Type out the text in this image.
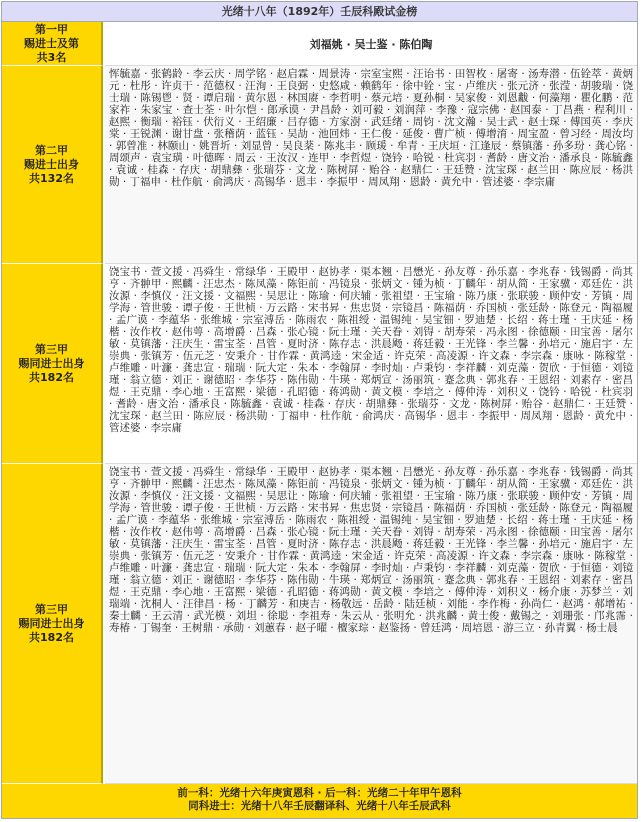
光绪十八年（1892年）壬辰科殿试金榜
第一甲
赐进士及第
共3名
刘福姚 · 吴士鉴 · 陈伯陶
第二甲
赐进士出身
共132名
恽毓嘉 · 张鹤龄 · 李云庆 · 周学铭 · 赵启霖 · 周景涛 · 宗室宝熙 · 汪诒书 · 田智枚 · 屠寄 · 汤寿潜 · 伍铨萃 · 黄炳元 · 杜彤 · 许贞干 · 范德权 · 汪洵 · 王良弼 · 史悠咸 · 赖鹤年 · 徐中铨 · 宝 · 卢维庆 · 张元济 · 张滢 · 胡骏瑞 · 饶士瑞 · 陈锡鬯 · 贤 · 谭启瑞 · 黄尔恩 · 林国赓 · 李哲明 · 蔡元培 · 夏孙桐 · 吴家俊 · 刘恩黻 · 何藻翔 · 瞿化鹏 · 范家祚 · 朱家宝 · 查士荃 · 叶尔恺 · 郎承谟 · 尹昌龄 · 刘可毅 · 刘润萍 · 李豫 · 寇宗佛 · 赵国泰 · 丁昌燕 · 程利川 · 赵熙 · 衡瑞 · 裕钰 · 伏衍义 · 王绍廉 · 吕存德 · 方家澍 · 武廷绪 · 周钧 · 沈文瀚 · 吴士武 · 赵士琛 · 傅国英 · 李庆棠 · 王锐渊 · 谢甘盘 · 张稽荫 · 蓝钰 · 吴劼 · 池回炜 · 王仁俊 · 延俊 · 曹广桢 · 傅增淯 · 周宝盈 · 曾习经 · 周汝均 · 郭曾准 · 林颐山 · 姚晋圻 · 刘显曾 · 吴良棻 · 陈兆丰 · 顾瑗 · 牟青 · 王庆垣 · 江逢辰 · 蔡镇藩 · 孙多玢 · 龚心铭 · 周颂声 · 袁宝璜 · 叶德晖 · 周云 · 王汝汉 · 连甲 · 李哲煜 · 饶钤 · 哈锐 · 杜宾羽 · 耆龄 · 唐文治 · 潘承良 · 陈毓鑫 · 袁诚 · 桂森 · 存庆 · 胡鼎彝 · 张瑞芬 · 文龙 · 陈树屏 · 贻谷 · 赵鼎仁 · 王廷赞 · 沈宝琛 · 赵兰田 · 陈应辰 · 杨洪勋 · 丁福申 · 杜作航 · 俞鸿庆 · 高锡华 · 恩丰 · 李振甲 · 周凤翔 · 恩龄 · 黄允中 · 管述婆 · 李宗庸
第三甲
赐同进士出身
共182名
饶宝书 · 萱文援 · 冯舜生 · 常绿华 · 王殿甲 · 赵协孝 · 渠本翘 · 吕懋光 · 孙友尊 · 孙乐嘉 · 李兆春 · 钱锡爵 · 尚其亨 · 齐翀甲 · 熙麟 · 汪忠杰 · 陈凤藻 · 陈钜前 · 冯镜泉 · 张炳文 · 锺为桢 · 丁麟年 · 胡从简 · 王家骥 · 邓廷佐 · 洪汝源 · 李慎仪 · 汪文援 · 文福熙 · 吴思让 · 陈瑜 · 何庆辅 · 张祖望 · 王宝瑜 · 陈乃康 · 张联骏 · 顾仲安 · 芳镇 · 周学海 · 管世骏 · 谭子俊 · 王世桢 · 万云路 · 宋书昇 · 焦忠贤 · 宗镜昌 · 陈福荫 · 乔国桢 · 张廷龄 · 陈登元 · 陶福履 · 孟广谟 · 李蕴华 · 张维城 · 宗室溥岳 · 陈雨农 · 陈祖绶 · 温锡纯 · 吴宝钿 · 罗迪楚 · 长绍 · 蒋士瑾 · 王庆延 · 杨楷 · 汝作枚 · 赵伟萼 · 高增爵 · 吕森 · 张心镜 · 阮士瑾 · 关天眷 · 刘锝 · 胡寿荣 · 冯永图 · 徐德颐 · 田宝善 · 屠尔敏 · 莫镇藩 · 汪庆生 · 雷宝荃 · 昌管 · 夏时济 · 陈存志 · 洪晨飏 · 蒋廷毅 · 王光锋 · 李兰馨 · 孙培元 · 施启宇 · 左崇典 · 张镇芳 · 伍元芝 · 安秉介 · 甘作霖 · 黄鸿逵 · 宋金适 · 许克荣 · 高凌源 · 许文森 · 李宗森 · 康咏 · 陈稼堂 · 卢维雕 · 叶濂 · 龚忠宣 · 瑞瑞 · 阮大定 · 朱本 · 李翰屏 · 李时灿 · 卢秉钧 · 李祥麟 · 刘克藻 · 贺欣 · 于恒德 · 刘镜瑾 · 翁立德 · 刘正 · 谢德昭 · 李华芬 · 陈伟勋 · 牛瑛 · 郑炳宣 · 汤丽筑 · 蹇念典 · 郭兆春 · 王恩绍 · 刘素存 · 密昌煜 · 王克鼎 · 李心地 · 王富熙 · 梁德 · 孔昭德 · 蒋鸿勋 · 黄文模 · 李培之 · 傅仲涛 · 刘积义 · 饶钤 · 哈锐 · 杜宾羽 · 耆龄 · 唐文治 · 潘承良 · 陈毓鑫 · 袁诚 · 桂森 · 存庆 · 胡鼎彝 · 张瑞芬 · 文龙 · 陈树屏 · 贻谷 · 赵鼎仁 · 王廷赞 · 沈宝琛 · 赵兰田 · 陈应辰 · 杨洪勋 · 丁福申 · 杜作航 · 俞鸿庆 · 高锡华 · 恩丰 · 李振甲 · 周凤翔 · 恩龄 · 黄允中 · 管述婆 · 李宗庸
第三甲
赐同进士出身
共182名
饶宝书 · 萱文援 · 冯舜生 · 常绿华 · 王殿甲 · 赵协孝 · 渠本翘 · 吕懋光 · 孙友尊 · 孙乐嘉 · 李兆春 · 钱锡爵 · 尚其亨 · 齐翀甲 · 熙麟 · 汪忠杰 · 陈凤藻 · 陈钜前 · 冯镜泉 · 张炳文 · 锺为桢 · 丁麟年 · 胡从简 · 王家骥 · 邓廷佐 · 洪汝源 · 李慎仪 · 汪文援 · 文福熙 · 吴思让 · 陈瑜 · 何庆辅 · 张祖望 · 王宝瑜 · 陈乃康 · 张联骏 · 顾仲安 · 芳镇 · 周学海 · 管世骏 · 谭子俊 · 王世桢 · 万云路 · 宋书昇 · 焦忠贤 · 宗镜昌 · 陈福荫 · 乔国桢 · 张廷龄 · 陈登元 · 陶福履 · 孟广谟 · 李蕴华 · 张维城 · 宗室溥岳 · 陈雨农 · 陈祖绶 · 温锡纯 · 吴宝钿 · 罗迪楚 · 长绍 · 蒋士瑾 · 王庆延 · 杨楷 · 汝作枚 · 赵伟萼 · 高增爵 · 吕森 · 张心镜 · 阮士瑾 · 关天眷 · 刘锝 · 胡寿荣 · 冯永图 · 徐德颐 · 田宝善 · 屠尔敏 · 莫镇藩 · 汪庆生 · 雷宝荃 · 昌管 · 夏时济 · 陈存志 · 洪晨飏 · 蒋廷毅 · 王光锋 · 李兰馨 · 孙培元 · 施启宇 · 左崇典 · 张镇芳 · 伍元芝 · 安秉介 · 甘作霖 · 黄鸿逵 · 宋金适 · 许克荣 · 高凌源 · 许文森 · 李宗森 · 康咏 · 陈稼堂 · 卢维雕 · 叶濂 · 龚忠宣 · 瑞瑞 · 阮大定 · 朱本 · 李翰屏 · 李时灿 · 卢秉钧 · 李祥麟 · 刘克藻 · 贺欣 · 于恒德 · 刘镜瑾 · 翁立德 · 刘正 · 谢德昭 · 李华芬 · 陈伟勋 · 牛瑛 · 郑炳宣 · 汤丽筑 · 蹇念典 · 郭兆春 · 王恩绍 · 刘素存 · 密昌煜 · 王克鼎 · 李心地 · 王富熙 · 梁德 · 孔昭德 · 蒋鸿勋 · 黄文模 · 李培之 · 傅仲涛 · 刘积义 · 杨介康 · 苏梦兰 · 刘瑞端 · 沈桐人 · 汪律昌 · 杨 · 丁麟芳 · 和庚吉 · 杨敬远 · 岳龄 · 陆廷桢 · 刘能 · 李作梅 · 孙尚仁 · 赵鸿 · 郝增祐 · 秦士麟 · 王云清 · 武光模 · 刘坦 · 徐聪 · 李祖寿 · 朱云从 · 张明允 · 洪兆麟 · 黄士俊 · 戴锡之 · 刘珊张 · 邝兆霈 · 寿椿 · 丁锡奎 · 王树鼎 · 承勋 · 刘蕙春 · 赵子曜 · 檀家琮 · 赵鉴扬 · 曾廷鸿 · 周培恩 · 游三立 · 孙青翼 · 杨士晨
前一科：光绪十六年庚寅恩科 · 后一科：光绪二十年甲午恩科
同科进士：光绪十八年壬辰翻译科、光绪十八年壬辰武科
